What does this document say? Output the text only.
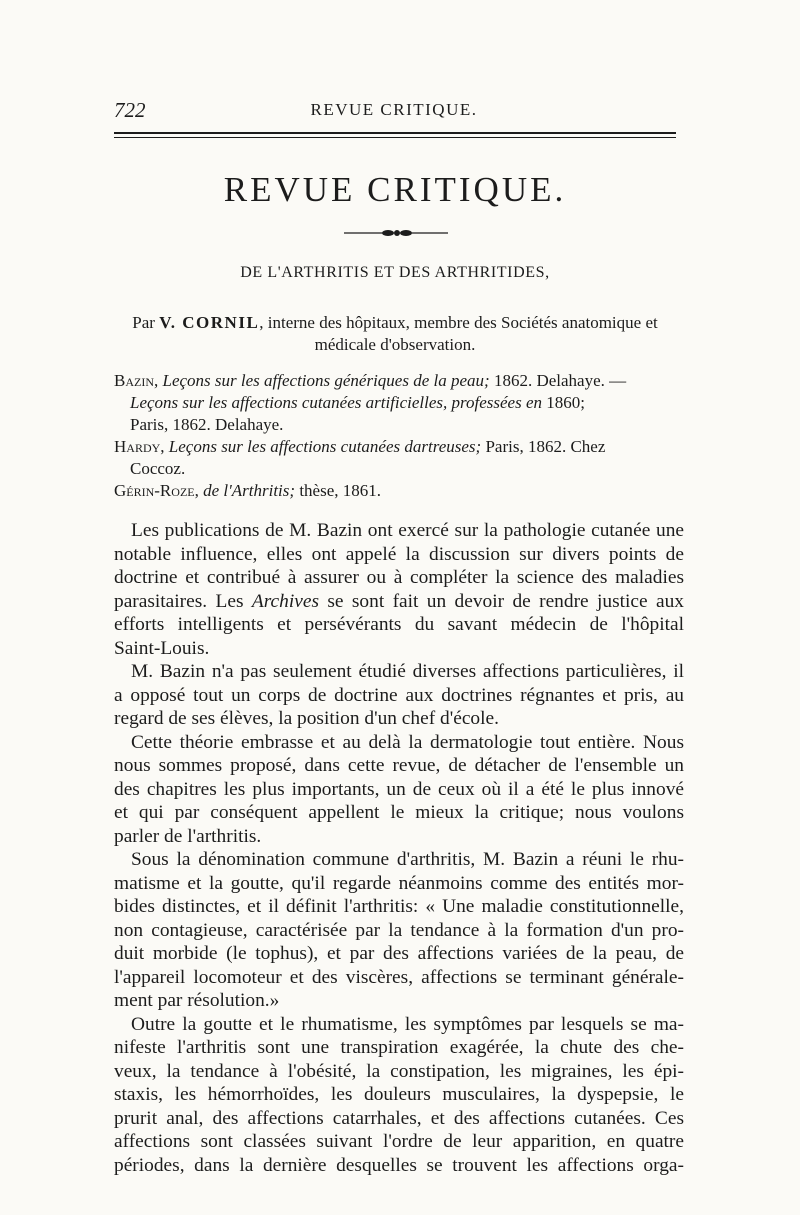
722	REVUE CRITIQUE.
REVUE CRITIQUE.
DE L'ARTHRITIS ET DES ARTHRITIDES,
Par V. CORNIL, interne des hôpitaux, membre des Sociétés anatomique et
médicale d'observation.
Bazin, Leçons sur les affections génériques de la peau; 1862. Delahaye. —
Leçons sur les affections cutanées artificielles, professées en 1860;
Paris, 1862. Delahaye.
Hardy, Leçons sur les affections cutanées dartreuses; Paris, 1862. Chez
Coccoz.
Gérin-Roze, de l'Arthritis; thèse, 1861.
Les publications de M. Bazin ont exercé sur la pathologie cutanée une
notable influence, elles ont appelé la discussion sur divers points de
doctrine et contribué à assurer ou à compléter la science des maladies
parasitaires. Les Archives se sont fait un devoir de rendre justice aux
efforts intelligents et persévérants du savant médecin de l'hôpital
Saint-Louis.
M. Bazin n'a pas seulement étudié diverses affections particulières, il
a opposé tout un corps de doctrine aux doctrines régnantes et pris, au
regard de ses élèves, la position d'un chef d'école.
Cette théorie embrasse et au delà la dermatologie tout entière. Nous
nous sommes proposé, dans cette revue, de détacher de l'ensemble un
des chapitres les plus importants, un de ceux où il a été le plus innové
et qui par conséquent appellent le mieux la critique; nous voulons
parler de l'arthritis.
Sous la dénomination commune d'arthritis, M. Bazin a réuni le rhu-
matisme et la goutte, qu'il regarde néanmoins comme des entités mor-
bides distinctes, et il définit l'arthritis: « Une maladie constitutionnelle,
non contagieuse, caractérisée par la tendance à la formation d'un pro-
duit morbide (le tophus), et par des affections variées de la peau, de
l'appareil locomoteur et des viscères, affections se terminant générale-
ment par résolution.»
Outre la goutte et le rhumatisme, les symptômes par lesquels se ma-
nifeste l'arthritis sont une transpiration exagérée, la chute des che-
veux, la tendance à l'obésité, la constipation, les migraines, les épi-
staxis, les hémorrhoïdes, les douleurs musculaires, la dyspepsie, le
prurit anal, des affections catarrhales, et des affections cutanées. Ces
affections sont classées suivant l'ordre de leur apparition, en quatre
périodes, dans la dernière desquelles se trouvent les affections orga-
